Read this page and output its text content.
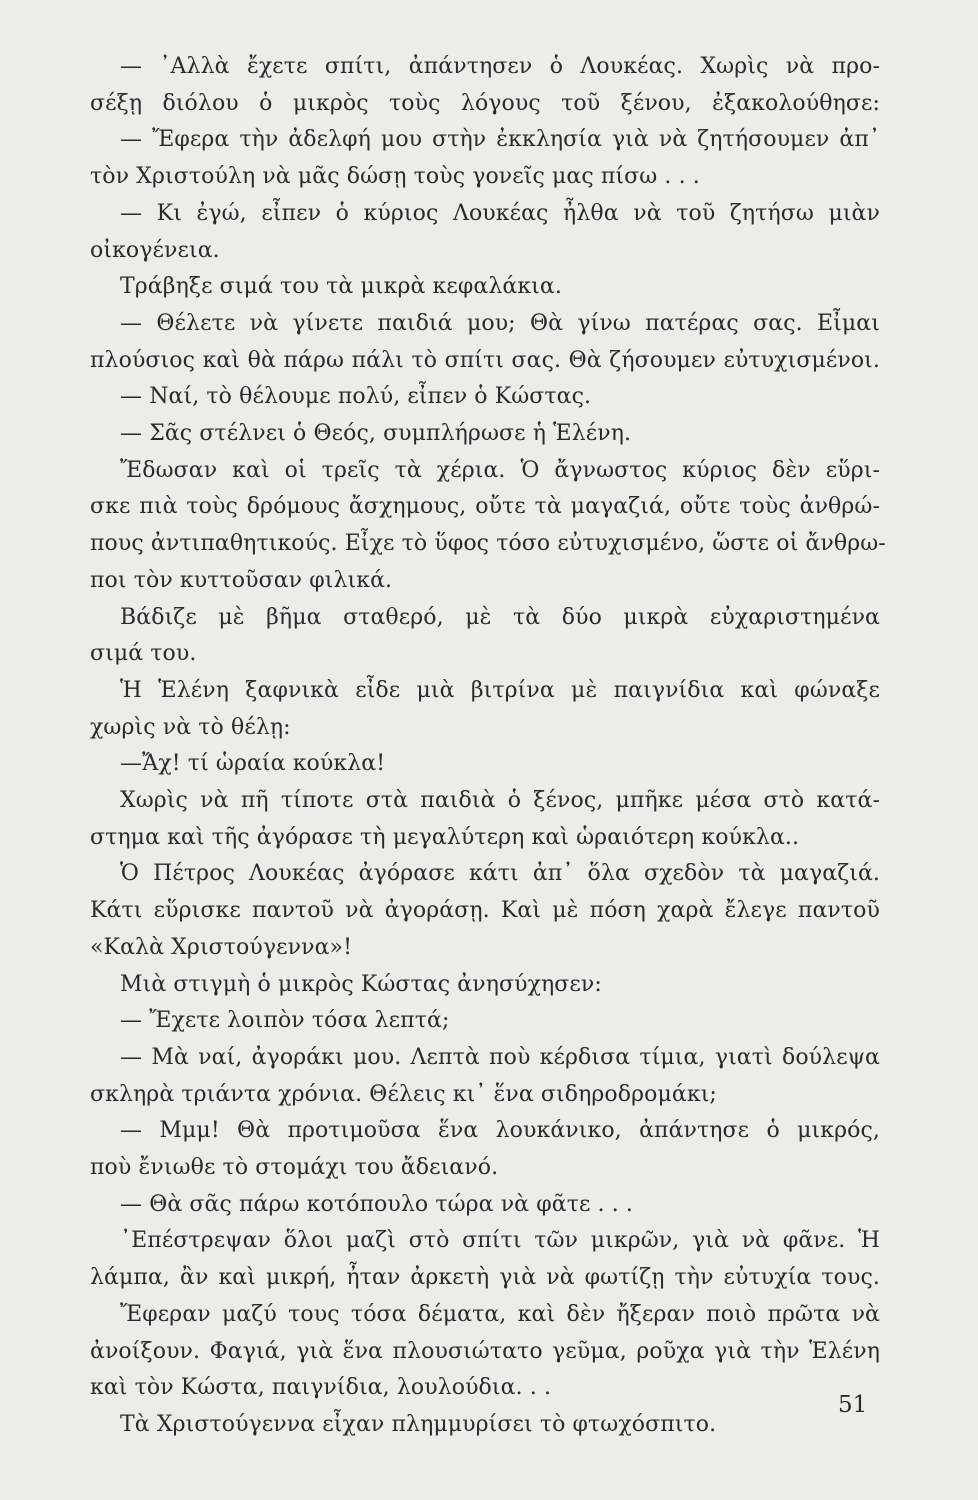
— ᾿Αλλὰ ἔχετε σπίτι, ἀπάντησεν ὁ Λουκέας. Χωρὶς νὰ προ-
σέξῃ διόλου ὁ μικρὸς τοὺς λόγους τοῦ ξένου, ἐξακολούθησε:
— Ἔφερα τὴν ἀδελφή μου στὴν ἐκκλησία γιὰ νὰ ζητήσουμεν ἀπ᾿
τὸν Χριστούλη νὰ μᾶς δώσῃ τοὺς γονεῖς μας πίσω . . .
— Κι ἐγώ, εἶπεν ὁ κύριος Λουκέας ἦλθα νὰ τοῦ ζητήσω μιὰν
οἰκογένεια.
Τράβηξε σιμά του τὰ μικρὰ κεφαλάκια.
— Θέλετε νὰ γίνετε παιδιά μου; Θὰ γίνω πατέρας σας. Εἶμαι
πλούσιος καὶ θὰ πάρω πάλι τὸ σπίτι σας. Θὰ ζήσουμεν εὐτυχισμένοι.
— Ναί, τὸ θέλουμε πολύ, εἶπεν ὁ Κώστας.
— Σᾶς στέλνει ὁ Θεός, συμπλήρωσε ἡ Ἑλένη.
Ἔδωσαν καὶ οἱ τρεῖς τὰ χέρια. Ὁ ἄγνωστος κύριος δὲν εὕρι-
σκε πιὰ τοὺς δρόμους ἄσχημους, οὔτε τὰ μαγαζιά, οὔτε τοὺς ἀνθρώ-
πους ἀντιπαθητικούς. Εἶχε τὸ ὕφος τόσο εὐτυχισμένο, ὥστε οἱ ἄνθρω-
ποι τὸν κυττοῦσαν φιλικά.
Βάδιζε μὲ βῆμα σταθερό, μὲ τὰ δύο μικρὰ εὐχαριστημένα
σιμά του.
Ἡ Ἑλένη ξαφνικὰ εἶδε μιὰ βιτρίνα μὲ παιγνίδια καὶ φώναξε
χωρὶς νὰ τὸ θέλῃ:
—Ἄχ! τί ὡραία κούκλα!
Χωρὶς νὰ πῆ τίποτε στὰ παιδιὰ ὁ ξένος, μπῆκε μέσα στὸ κατά-
στημα καὶ τῆς ἀγόρασε τὴ μεγαλύτερη καὶ ὡραιότερη κούκλα..
Ὁ Πέτρος Λουκέας ἀγόρασε κάτι ἀπ᾿ ὅλα σχεδὸν τὰ μαγαζιά.
Κάτι εὕρισκε παντοῦ νὰ ἀγοράσῃ. Καὶ μὲ πόση χαρὰ ἔλεγε παντοῦ
«Καλὰ Χριστούγεννα»!
Μιὰ στιγμὴ ὁ μικρὸς Κώστας ἀνησύχησεν:
— Ἔχετε λοιπὸν τόσα λεπτά;
— Μὰ ναί, ἀγοράκι μου. Λεπτὰ ποὺ κέρδισα τίμια, γιατὶ δούλεψα
σκληρὰ τριάντα χρόνια. Θέλεις κι᾿ ἕνα σιδηροδρομάκι;
— Μμμ! Θὰ προτιμοῦσα ἕνα λουκάνικο, ἀπάντησε ὁ μικρός,
ποὺ ἔνιωθε τὸ στομάχι του ἄδειανό.
— Θὰ σᾶς πάρω κοτόπουλο τώρα νὰ φᾶτε . . .
᾿Επέστρεψαν ὅλοι μαζὶ στὸ σπίτι τῶν μικρῶν, γιὰ νὰ φᾶνε. Ἡ
λάμπα, ἂν καὶ μικρή, ἦταν ἀρκετὴ γιὰ νὰ φωτίζῃ τὴν εὐτυχία τους.
Ἔφεραν μαζύ τους τόσα δέματα, καὶ δὲν ἤξεραν ποιὸ πρῶτα νὰ
ἀνοίξουν. Φαγιά, γιὰ ἕνα πλουσιώτατο γεῦμα, ροῦχα γιὰ τὴν Ἑλένη
καὶ τὸν Κώστα, παιγνίδια, λουλούδια. . .
Τὰ Χριστούγεννα εἶχαν πλημμυρίσει τὸ φτωχόσπιτο.
51
